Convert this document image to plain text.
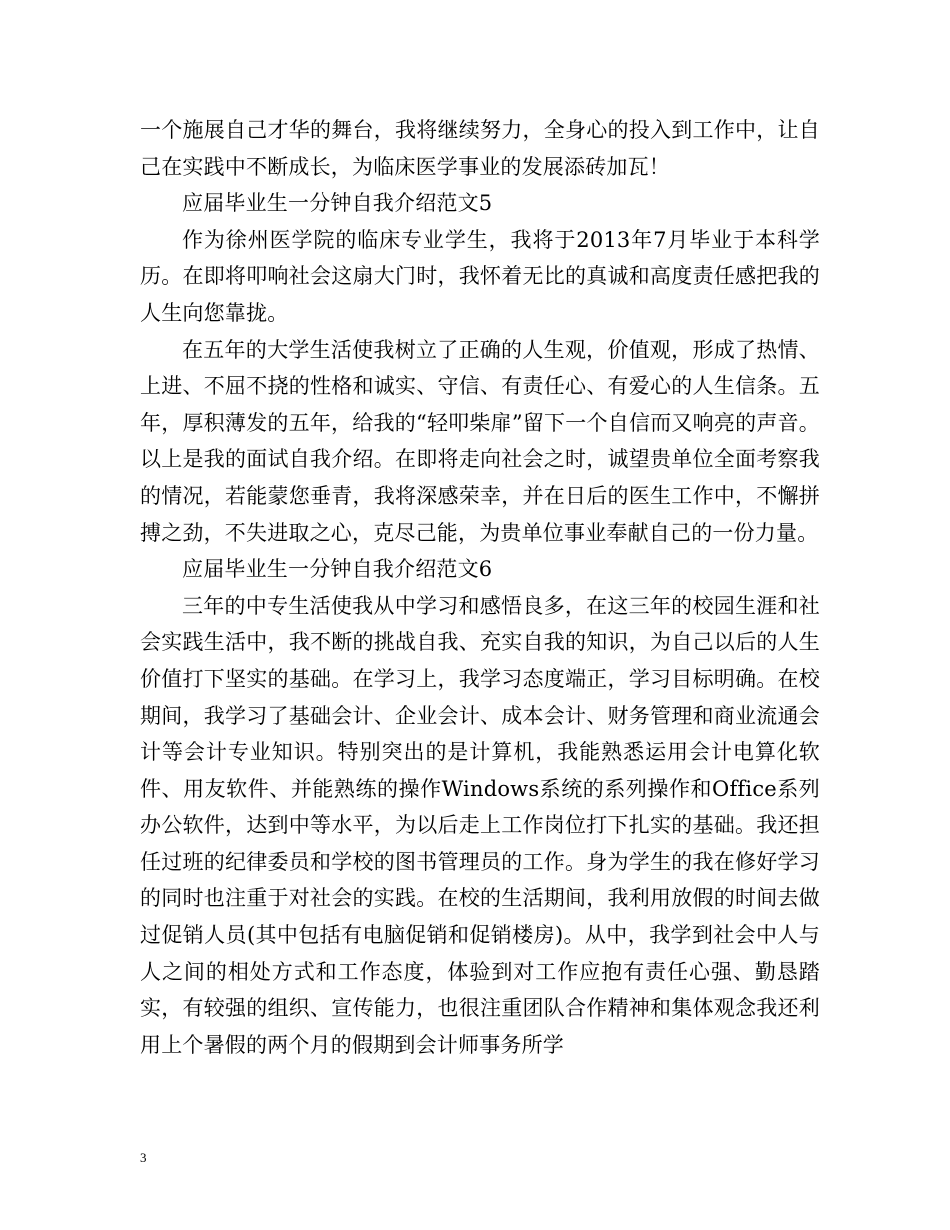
一个施展自己才华的舞台，我将继续努力，全身心的投入到工作中，让自己在实践中不断成长，为临床医学事业的发展添砖加瓦！

应届毕业生一分钟自我介绍范文5

作为徐州医学院的临床专业学生，我将于2013年7月毕业于本科学历。在即将叩响社会这扇大门时，我怀着无比的真诚和高度责任感把我的人生向您靠拢。

在五年的大学生活使我树立了正确的人生观，价值观，形成了热情、上进、不屈不挠的性格和诚实、守信、有责任心、有爱心的人生信条。五年，厚积薄发的五年，给我的“轻叩柴扉”留下一个自信而又响亮的声音。以上是我的面试自我介绍。在即将走向社会之时，诚望贵单位全面考察我的情况，若能蒙您垂青，我将深感荣幸，并在日后的医生工作中，不懈拼搏之劲，不失进取之心，克尽己能，为贵单位事业奉献自己的一份力量。

应届毕业生一分钟自我介绍范文6

三年的中专生活使我从中学习和感悟良多，在这三年的校园生涯和社会实践生活中，我不断的挑战自我、充实自我的知识，为自己以后的人生价值打下坚实的基础。在学习上，我学习态度端正，学习目标明确。在校期间，我学习了基础会计、企业会计、成本会计、财务管理和商业流通会计等会计专业知识。特别突出的是计算机，我能熟悉运用会计电算化软件、用友软件、并能熟练的操作Windows系统的系列操作和Office系列办公软件，达到中等水平，为以后走上工作岗位打下扎实的基础。我还担任过班的纪律委员和学校的图书管理员的工作。身为学生的我在修好学习的同时也注重于对社会的实践。在校的生活期间，我利用放假的时间去做过促销人员(其中包括有电脑促销和促销楼房)。从中，我学到社会中人与人之间的相处方式和工作态度，体验到对工作应抱有责任心强、勤恳踏实，有较强的组织、宣传能力，也很注重团队合作精神和集体观念我还利用上个暑假的两个月的假期到会计师事务所学

3
